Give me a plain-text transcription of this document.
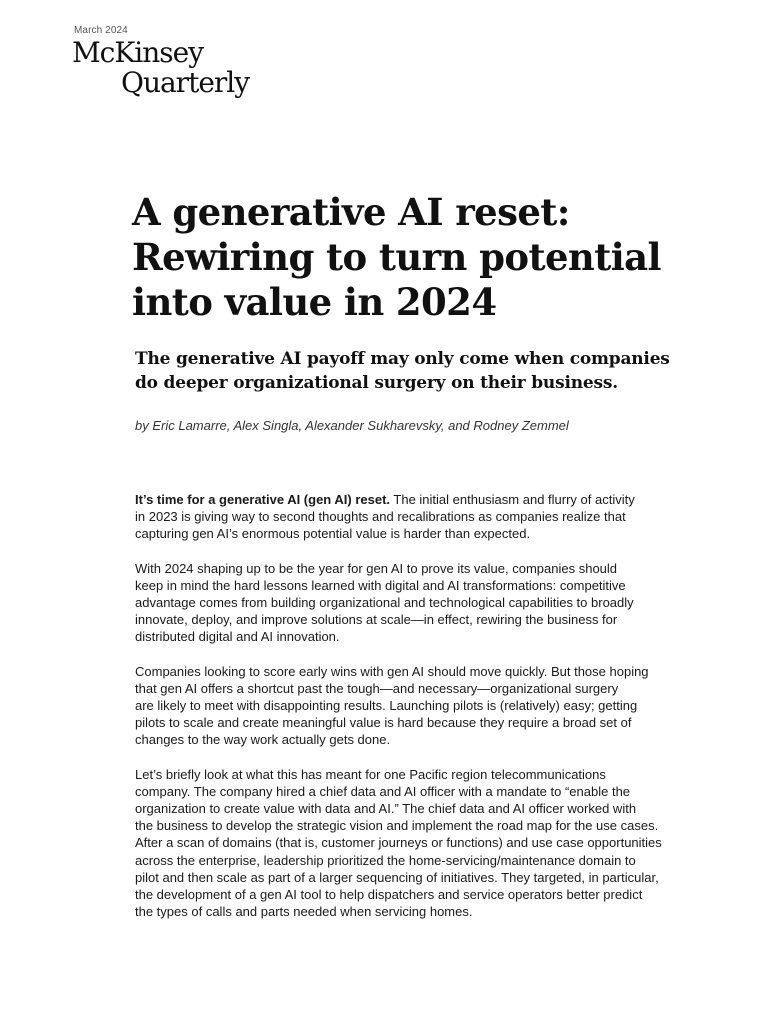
March 2024
McKinsey
Quarterly
A generative AI reset:
Rewiring to turn potential
into value in 2024
The generative AI payoff may only come when companies
do deeper organizational surgery on their business.
by Eric Lamarre, Alex Singla, Alexander Sukharevsky, and Rodney Zemmel

It’s time for a generative AI (gen AI) reset. The initial enthusiasm and flurry of activity
in 2023 is giving way to second thoughts and recalibrations as companies realize that
capturing gen AI’s enormous potential value is harder than expected.

With 2024 shaping up to be the year for gen AI to prove its value, companies should
keep in mind the hard lessons learned with digital and AI transformations: competitive
advantage comes from building organizational and technological capabilities to broadly
innovate, deploy, and improve solutions at scale—in effect, rewiring the business for
distributed digital and AI innovation.

Companies looking to score early wins with gen AI should move quickly. But those hoping
that gen AI offers a shortcut past the tough—and necessary—organizational surgery
are likely to meet with disappointing results. Launching pilots is (relatively) easy; getting
pilots to scale and create meaningful value is hard because they require a broad set of
changes to the way work actually gets done.

Let’s briefly look at what this has meant for one Pacific region telecommunications
company. The company hired a chief data and AI officer with a mandate to “enable the
organization to create value with data and AI.” The chief data and AI officer worked with
the business to develop the strategic vision and implement the road map for the use cases.
After a scan of domains (that is, customer journeys or functions) and use case opportunities
across the enterprise, leadership prioritized the home-servicing/maintenance domain to
pilot and then scale as part of a larger sequencing of initiatives. They targeted, in particular,
the development of a gen AI tool to help dispatchers and service operators better predict
the types of calls and parts needed when servicing homes.
